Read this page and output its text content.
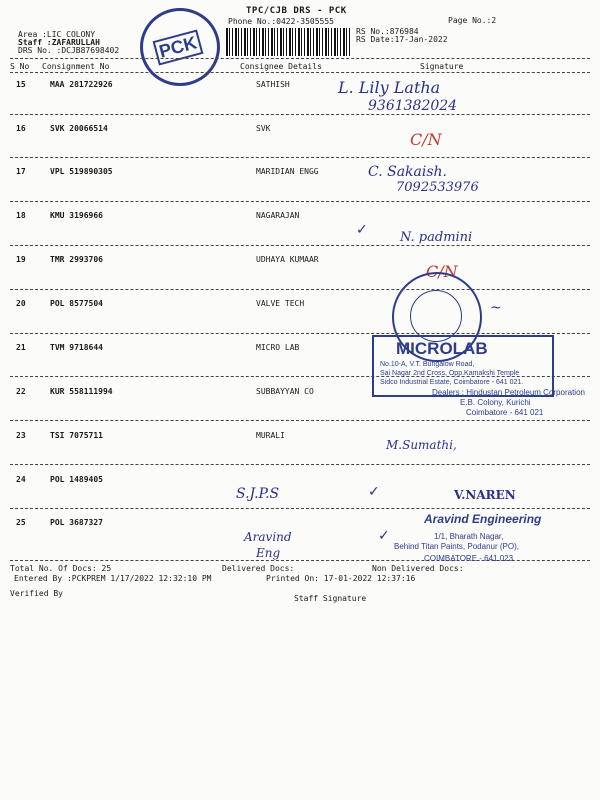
Area :LIC COLONY
Staff :ZAFARULLAH
DRS No. :DCJB87698402 PCK
TPC/CJB DRS - PCK
Phone No.:0422-3505555
RS No.:876984
RS Date:17-Jan-2022
Page No.:2
S No Consignment No	Consignee Details	Signature
15	MAA 281722926	SATHISH
16	SVK 20066514	SVK
17	VPL 519890305	MARIDIAN ENGG
18	KMU 3196966	NAGARAJAN
19	TMR 2993706	UDHAYA KUMAAR
20	POL 8577504	VALVE TECH
21	TVM 9718644	MICRO LAB
22	KUR 558111994	SUBBAYYAN CO
23	TSI 7075711	MURALI
24	POL 1489405
25	POL 3687327
L. Lily Latha
9361382024
C/N
C. Sakaish.
7092533976
✓ N. padmini
C/N
~
MICROLAB
No.10-A, V.T. Bungalow Road,
Sai Nagar 2nd Cross, Opp.Kamakshi Temple
Sidco Industrial Estate, Coimbatore - 641 021.
Dealers : Hindustan Petroleum Corporation
E.B. Colony, Kurichi
Coimbatore - 641 021
M.Sumathi,
S.J.P.S	✓	V.NAREN
Aravind
Eng
✓
Aravind Engineering
1/1, Bharath Nagar,
Behind Titan Paints, Podanur (PO),
COIMBATORE - 641 023.
Total No. Of Docs: 25	Delivered Docs:	Non Delivered Docs:
Entered By :PCKPREM 1/17/2022 12:32:10 PM	Printed On: 17-01-2022 12:37:16
Verified By
Staff Signature
